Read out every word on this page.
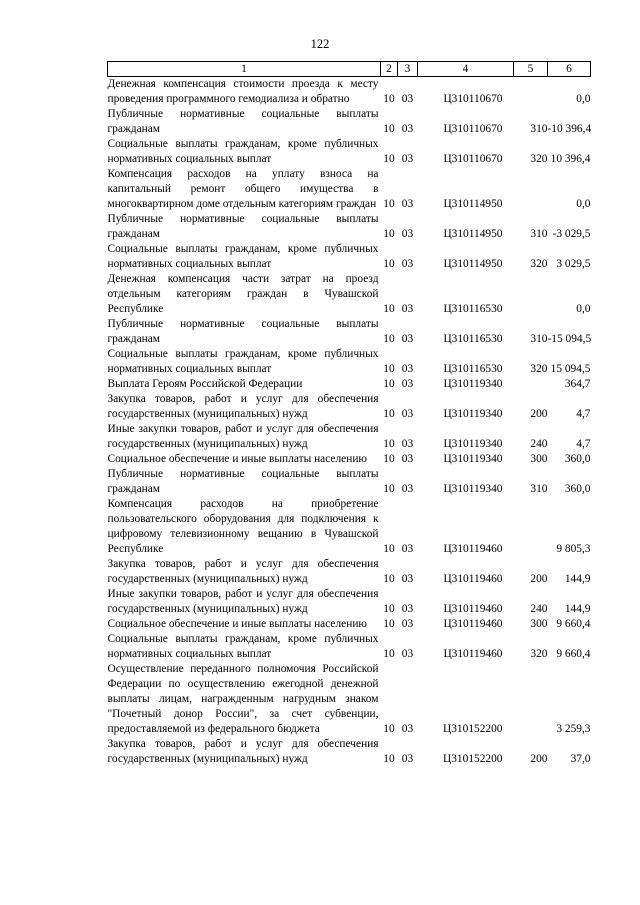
122
1	2	3	4	5	6
Денежная компенсация стоимости проезда к месту проведения программного гемодиализа и обратно	10	03	Ц310110670		0,0
Публичные нормативные социальные выплаты гражданам	10	03	Ц310110670	310	-10 396,4
Социальные выплаты гражданам, кроме публичных нормативных социальных выплат	10	03	Ц310110670	320	10 396,4
Компенсация расходов на уплату взноса на капитальный ремонт общего имущества в многоквартирном доме отдельным категориям граждан	10	03	Ц310114950		0,0
Публичные нормативные социальные выплаты гражданам	10	03	Ц310114950	310	-3 029,5
Социальные выплаты гражданам, кроме публичных нормативных социальных выплат	10	03	Ц310114950	320	3 029,5
Денежная компенсация части затрат на проезд отдельным категориям граждан в Чувашской Республике	10	03	Ц310116530		0,0
Публичные нормативные социальные выплаты гражданам	10	03	Ц310116530	310	-15 094,5
Социальные выплаты гражданам, кроме публичных нормативных социальных выплат	10	03	Ц310116530	320	15 094,5
Выплата Героям Российской Федерации	10	03	Ц310119340		364,7
Закупка товаров, работ и услуг для обеспечения государственных (муниципальных) нужд	10	03	Ц310119340	200	4,7
Иные закупки товаров, работ и услуг для обеспечения государственных (муниципальных) нужд	10	03	Ц310119340	240	4,7
Социальное обеспечение и иные выплаты населению	10	03	Ц310119340	300	360,0
Публичные нормативные социальные выплаты гражданам	10	03	Ц310119340	310	360,0
Компенсация расходов на приобретение пользовательского оборудования для подключения к цифровому телевизионному вещанию в Чувашской Республике	10	03	Ц310119460		9 805,3
Закупка товаров, работ и услуг для обеспечения государственных (муниципальных) нужд	10	03	Ц310119460	200	144,9
Иные закупки товаров, работ и услуг для обеспечения государственных (муниципальных) нужд	10	03	Ц310119460	240	144,9
Социальное обеспечение и иные выплаты населению	10	03	Ц310119460	300	9 660,4
Социальные выплаты гражданам, кроме публичных нормативных социальных выплат	10	03	Ц310119460	320	9 660,4
Осуществление переданного полномочия Российской Федерации по осуществлению ежегодной денежной выплаты лицам, награжденным нагрудным знаком "Почетный донор России", за счет субвенции, предоставляемой из федерального бюджета	10	03	Ц310152200		3 259,3
Закупка товаров, работ и услуг для обеспечения государственных (муниципальных) нужд	10	03	Ц310152200	200	37,0
